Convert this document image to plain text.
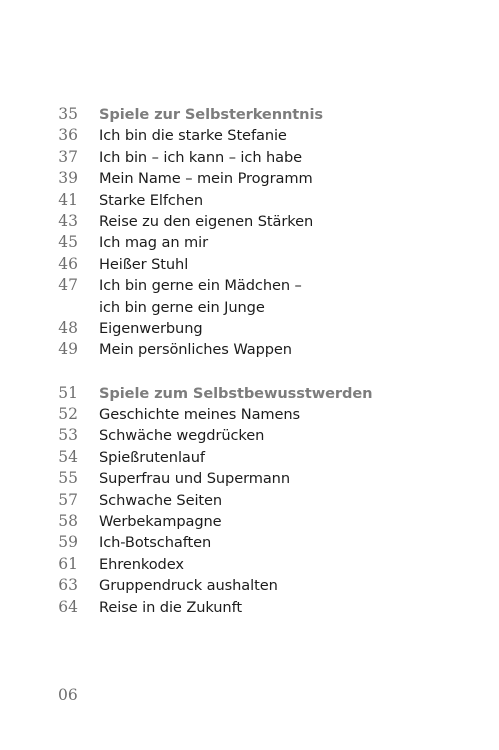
35 Spiele zur Selbsterkenntnis
36 Ich bin die starke Stefanie
37 Ich bin – ich kann – ich habe
39 Mein Name – mein Programm
41 Starke Elfchen
43 Reise zu den eigenen Stärken
45 Ich mag an mir
46 Heißer Stuhl
47 Ich bin gerne ein Mädchen –
ich bin gerne ein Junge
48 Eigenwerbung
49 Mein persönliches Wappen
51 Spiele zum Selbstbewusstwerden
52 Geschichte meines Namens
53 Schwäche wegdrücken
54 Spießrutenlauf
55 Superfrau und Supermann
57 Schwache Seiten
58 Werbekampagne
59 Ich-Botschaften
61 Ehrenkodex
63 Gruppendruck aushalten
64 Reise in die Zukunft
06
